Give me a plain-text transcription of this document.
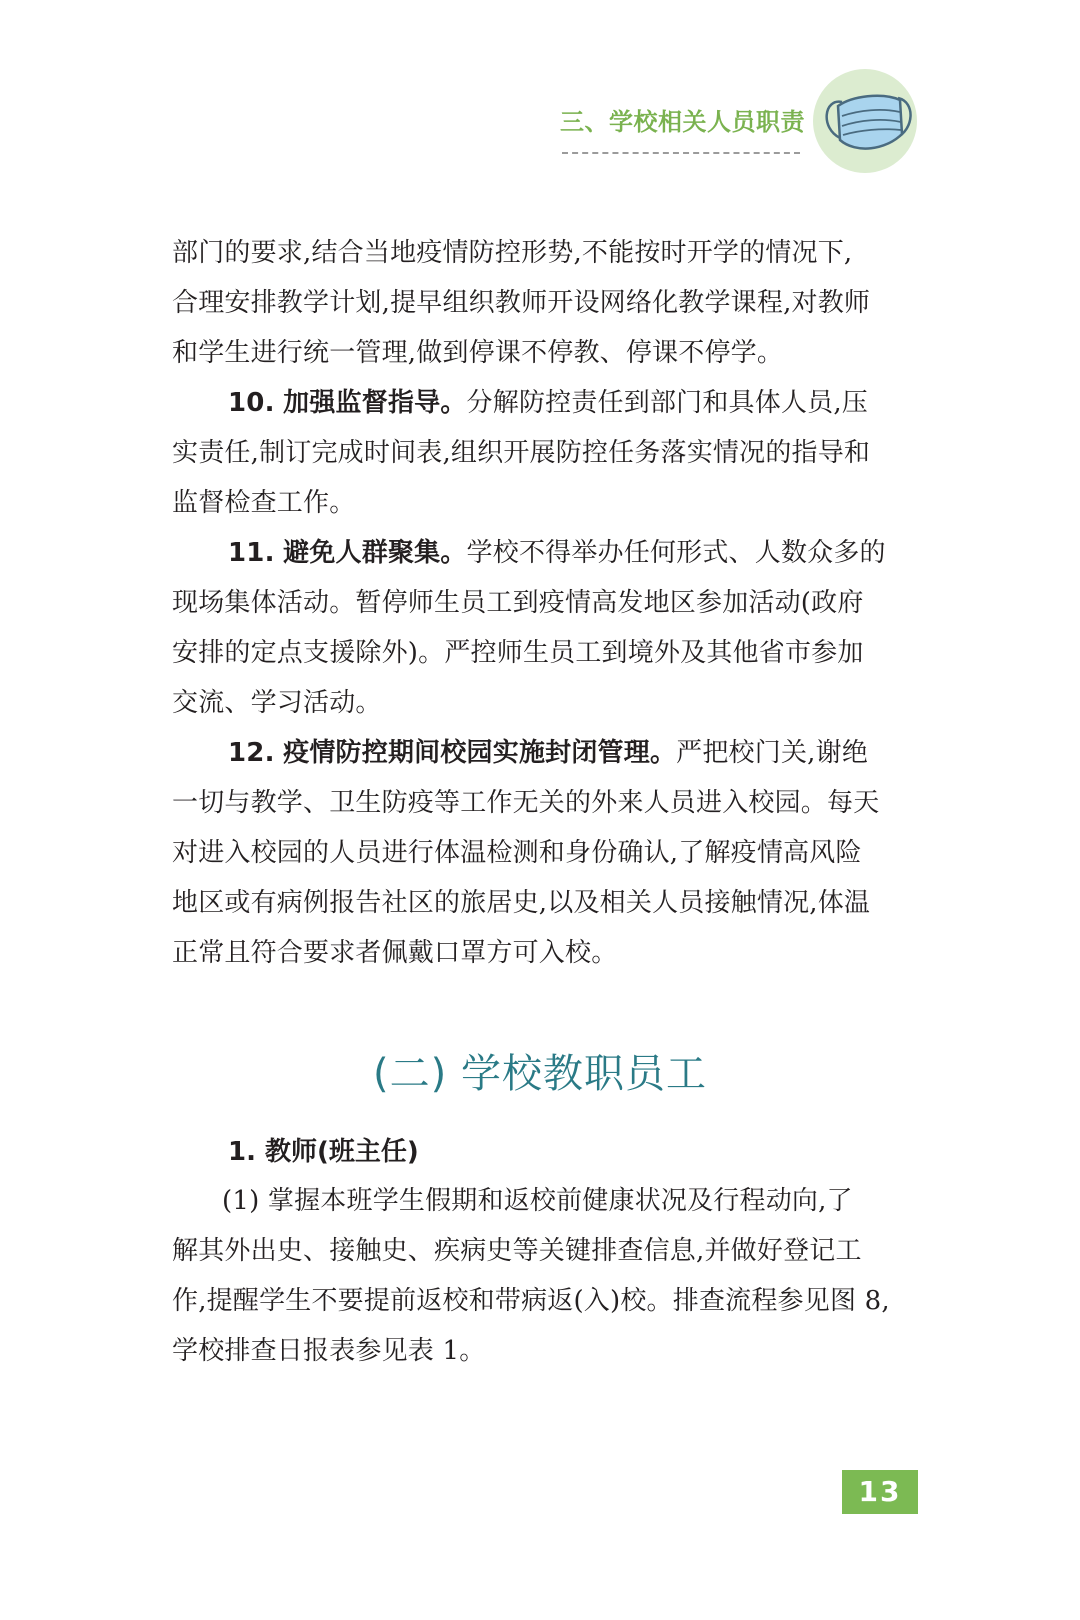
三、学校相关人员职责
部门的要求,结合当地疫情防控形势,不能按时开学的情况下,
合理安排教学计划,提早组织教师开设网络化教学课程,对教师
和学生进行统一管理,做到停课不停教、停课不停学。
10. 加强监督指导。分解防控责任到部门和具体人员,压
实责任,制订完成时间表,组织开展防控任务落实情况的指导和
监督检查工作。
11. 避免人群聚集。学校不得举办任何形式、人数众多的
现场集体活动。暂停师生员工到疫情高发地区参加活动(政府
安排的定点支援除外)。严控师生员工到境外及其他省市参加
交流、学习活动。
12. 疫情防控期间校园实施封闭管理。严把校门关,谢绝
一切与教学、卫生防疫等工作无关的外来人员进入校园。每天
对进入校园的人员进行体温检测和身份确认,了解疫情高风险
地区或有病例报告社区的旅居史,以及相关人员接触情况,体温
正常且符合要求者佩戴口罩方可入校。
(二) 学校教职员工
1. 教师(班主任)
(1) 掌握本班学生假期和返校前健康状况及行程动向,了
解其外出史、接触史、疾病史等关键排查信息,并做好登记工
作,提醒学生不要提前返校和带病返(入)校。排查流程参见图 8,
学校排查日报表参见表 1。
13
